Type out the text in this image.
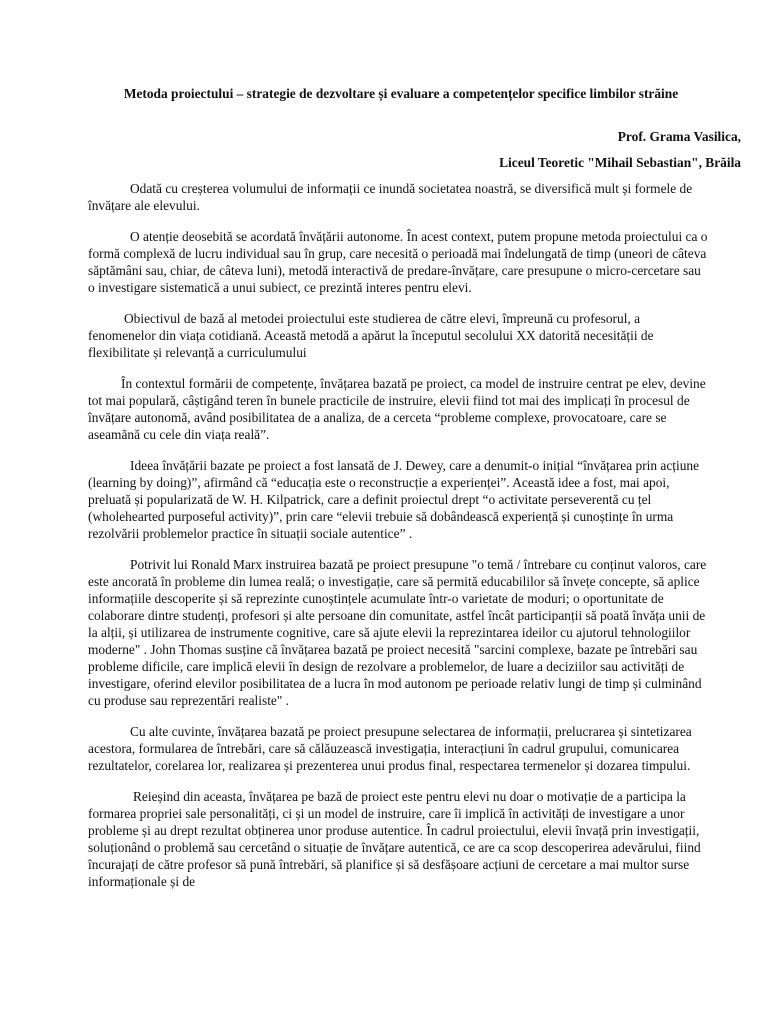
Metoda proiectului – strategie de dezvoltare și evaluare a competențelor specifice limbilor străine
Prof. Grama Vasilica,
Liceul Teoretic "Mihail Sebastian", Brăila

Odată cu creșterea volumului de informații ce inundă societatea noastră, se diversifică mult și formele de învățare ale elevului.

O atenție deosebită se acordată învățării autonome. În acest context, putem propune metoda proiectului ca o formă complexă de lucru individual sau în grup, care necesită o perioadă mai îndelungată de timp (uneori de câteva săptămâni sau, chiar, de câteva luni), metodă interactivă de predare-învățare, care presupune o micro-cercetare sau o investigare sistematică a unui subiect, ce prezintă interes pentru elevi.

Obiectivul de bază al metodei proiectului este studierea de către elevi, împreună cu profesorul, a fenomenelor din viața cotidiană. Această metodă a apărut la începutul secolului XX datorită necesității de flexibilitate și relevanță a curriculumului

În contextul formării de competențe, învățarea bazată pe proiect, ca model de instruire centrat pe elev, devine tot mai populară, câștigând teren în bunele practicile de instruire, elevii fiind tot mai des implicați în procesul de învățare autonomă, având posibilitatea de a analiza, de a cerceta “probleme complexe, provocatoare, care se aseamănă cu cele din viața reală”.

Ideea învățării bazate pe proiect a fost lansată de J. Dewey, care a denumit-o inițial “învățarea prin acțiune (learning by doing)”, afirmând că “educația este o reconstrucție a experienței”. Această idee a fost, mai apoi, preluată și popularizată de W. H. Kilpatrick, care a definit proiectul drept “o activitate perseverentă cu țel (wholehearted purposeful activity)”, prin care “elevii trebuie să dobândească experiență și cunoștințe în urma rezolvării problemelor practice în situații sociale autentice” .

Potrivit lui Ronald Marx instruirea bazată pe proiect presupune "o temă / întrebare cu conținut valoros, care este ancorată în probleme din lumea reală; o investigație, care să permită educabililor să învețe concepte, să aplice informațiile descoperite și să reprezinte cunoștințele acumulate într-o varietate de moduri; o oportunitate de colaborare dintre studenți, profesori și alte persoane din comunitate, astfel încât participanții să poată învăța unii de la alții, și utilizarea de instrumente cognitive, care să ajute elevii la reprezintarea ideilor cu ajutorul tehnologiilor moderne" . John Thomas susține că învățarea bazată pe proiect necesită "sarcini complexe, bazate pe întrebări sau probleme dificile, care implică elevii în design de rezolvare a problemelor, de luare a deciziilor sau activități de investigare, oferind elevilor posibilitatea de a lucra în mod autonom pe perioade relativ lungi de timp și culminând cu produse sau reprezentări realiste" .

Cu alte cuvinte, învățarea bazată pe proiect presupune selectarea de informații, prelucrarea și sintetizarea acestora, formularea de întrebări, care să călăuzească investigația, interacțiuni în cadrul grupului, comunicarea rezultatelor, corelarea lor, realizarea și prezenterea unui produs final, respectarea termenelor și dozarea timpului.

Reieșind din aceasta, învățarea pe bază de proiect este pentru elevi nu doar o motivație de a participa la formarea propriei sale personalități, ci și un model de instruire, care îi implică în activități de investigare a unor probleme și au drept rezultat obținerea unor produse autentice. În cadrul proiectului, elevii învață prin investigații, soluționând o problemă sau cercetând o situație de învățare autentică, ce are ca scop descoperirea adevărului, fiind încurajați de către profesor să pună întrebări, să planifice și să desfășoare acțiuni de cercetare a mai multor surse informaționale și de
